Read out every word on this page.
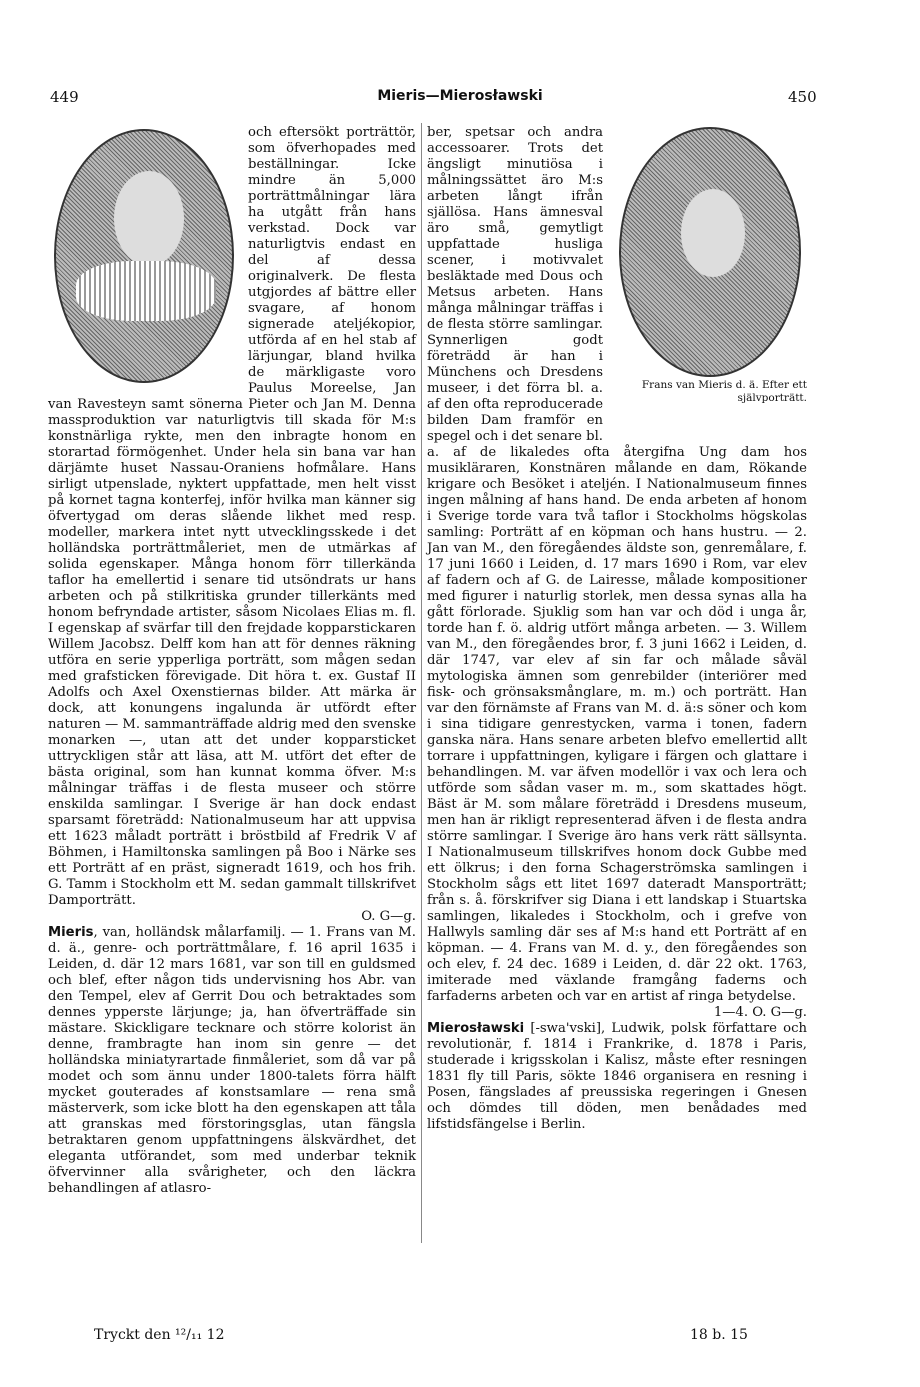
449	Mieris—Mierosławski	450

och eftersökt porträttör, som öfverhopades med beställningar. Icke mindre än 5,000 porträttmålningar lära ha utgått från hans verkstad. Dock var naturligtvis endast en del af dessa originalverk. De flesta utgjordes af bättre eller svagare, af honom signerade ateljékopior, utförda af en hel stab af lärjungar, bland hvilka de märkligaste voro Paulus Moreelse, Jan van Ravesteyn samt sönerna Pieter och Jan M. Denna massproduktion var naturligtvis till skada för M:s konstnärliga rykte, men den inbragte honom en storartad förmögenhet. Under hela sin bana var han därjämte huset Nassau-Oraniens hofmålare. Hans sirligt utpenslade, nyktert uppfattade, men helt visst på kornet tagna konterfej, inför hvilka man känner sig öfvertygad om deras slående likhet med resp. modeller, markera intet nytt utvecklingsskede i det holländska porträttmåleriet, men de utmärkas af solida egenskaper. Många honom förr tillerkända taflor ha emellertid i senare tid utsöndrats ur hans arbeten och på stilkritiska grunder tillerkänts med honom befryndade artister, såsom Nicolaes Elias m. fl. I egenskap af svärfar till den frejdade kopparstickaren Willem Jacobsz. Delff kom han att för dennes räkning utföra en serie ypperliga porträtt, som mågen sedan med grafsticken förevigade. Dit höra t. ex. Gustaf II Adolfs och Axel Oxenstiernas bilder. Att märka är dock, att konungens ingalunda är utfördt efter naturen — M. sammanträffade aldrig med den svenske monarken —, utan att det under kopparsticket uttryckligen står att läsa, att M. utfört det efter de bästa original, som han kunnat komma öfver. M:s målningar träffas i de flesta museer och större enskilda samlingar. I Sverige är han dock endast sparsamt företrädd: Nationalmuseum har att uppvisa ett 1623 måladt porträtt i bröstbild af Fredrik V af Böhmen, i Hamiltonska samlingen på Boo i Närke ses ett Porträtt af en präst, signeradt 1619, och hos frih. G. Tamm i Stockholm ett M. sedan gammalt tillskrifvet Damporträtt.

O. G—g.

Mieris, van, holländsk målarfamilj. — 1. Frans van M. d. ä., genre- och porträttmålare, f. 16 april 1635 i Leiden, d. där 12 mars 1681, var son till en guldsmed och blef, efter någon tids undervisning hos Abr. van den Tempel, elev af Gerrit Dou och betraktades som dennes ypperste lärjunge; ja, han öfverträffade sin mästare. Skickligare tecknare och större kolorist än denne, frambragte han inom sin genre — det holländska miniatyrartade finmåleriet, som då var på modet och som ännu under 1800-talets förra hälft mycket gouterades af konstsamlare — rena små mästerverk, som icke blott ha den egenskapen att tåla att granskas med förstoringsglas, utan fängsla betraktaren genom uppfattningens älskvärdhet, det eleganta utförandet, som med underbar teknik öfvervinner alla svårigheter, och den läckra behandlingen af atlasro-

Frans van Mieris d. ä. Efter ett självporträtt.

ber, spetsar och andra accessoarer. Trots det ängsligt minutiösa i målningssättet äro M:s arbeten långt ifrån själlösa. Hans ämnesval äro små, gemytligt uppfattade husliga scener, i motivvalet besläktade med Dous och Metsus arbeten. Hans många målningar träffas i de flesta större samlingar. Synnerligen godt företrädd är han i Münchens och Dresdens museer, i det förra bl. a. af den ofta reproducerade bilden Dam framför en spegel och i det senare bl. a. af de likaledes ofta återgifna Ung dam hos musikläraren, Konstnären målande en dam, Rökande krigare och Besöket i ateljén. I Nationalmuseum finnes ingen målning af hans hand. De enda arbeten af honom i Sverige torde vara två taflor i Stockholms högskolas samling: Porträtt af en köpman och hans hustru. — 2. Jan van M., den föregåendes äldste son, genremålare, f. 17 juni 1660 i Leiden, d. 17 mars 1690 i Rom, var elev af fadern och af G. de Lairesse, målade kompositioner med figurer i naturlig storlek, men dessa synas alla ha gått förlorade. Sjuklig som han var och död i unga år, torde han f. ö. aldrig utfört många arbeten. — 3. Willem van M., den föregåendes bror, f. 3 juni 1662 i Leiden, d. där 1747, var elev af sin far och målade såväl mytologiska ämnen som genrebilder (interiörer med fisk- och grönsaksmånglare, m. m.) och porträtt. Han var den förnämste af Frans van M. d. ä:s söner och kom i sina tidigare genrestycken, varma i tonen, fadern ganska nära. Hans senare arbeten blefvo emellertid allt torrare i uppfattningen, kyligare i färgen och glattare i behandlingen. M. var äfven modellör i vax och lera och utförde som sådan vaser m. m., som skattades högt. Bäst är M. som målare företrädd i Dresdens museum, men han är rikligt representerad äfven i de flesta andra större samlingar. I Sverige äro hans verk rätt sällsynta. I Nationalmuseum tillskrifves honom dock Gubbe med ett ölkrus; i den forna Schagerströmska samlingen i Stockholm sågs ett litet 1697 dateradt Mansporträtt; från s. å. förskrifver sig Diana i ett landskap i Stuartska samlingen, likaledes i Stockholm, och i grefve von Hallwyls samling där ses af M:s hand ett Porträtt af en köpman. — 4. Frans van M. d. y., den föregåendes son och elev, f. 24 dec. 1689 i Leiden, d. där 22 okt. 1763, imiterade med växlande framgång faderns och farfaderns arbeten och var en artist af ringa betydelse.

1—4. O. G—g.

Mierosławski [-swa'vski], Ludwik, polsk författare och revolutionär, f. 1814 i Frankrike, d. 1878 i Paris, studerade i krigsskolan i Kalisz, måste efter resningen 1831 fly till Paris, sökte 1846 organisera en resning i Posen, fängslades af preussiska regeringen i Gnesen och dömdes till döden, men benådades med lifstidsfängelse i Berlin.

Tryckt den ¹²/₁₁ 12	18 b. 15
